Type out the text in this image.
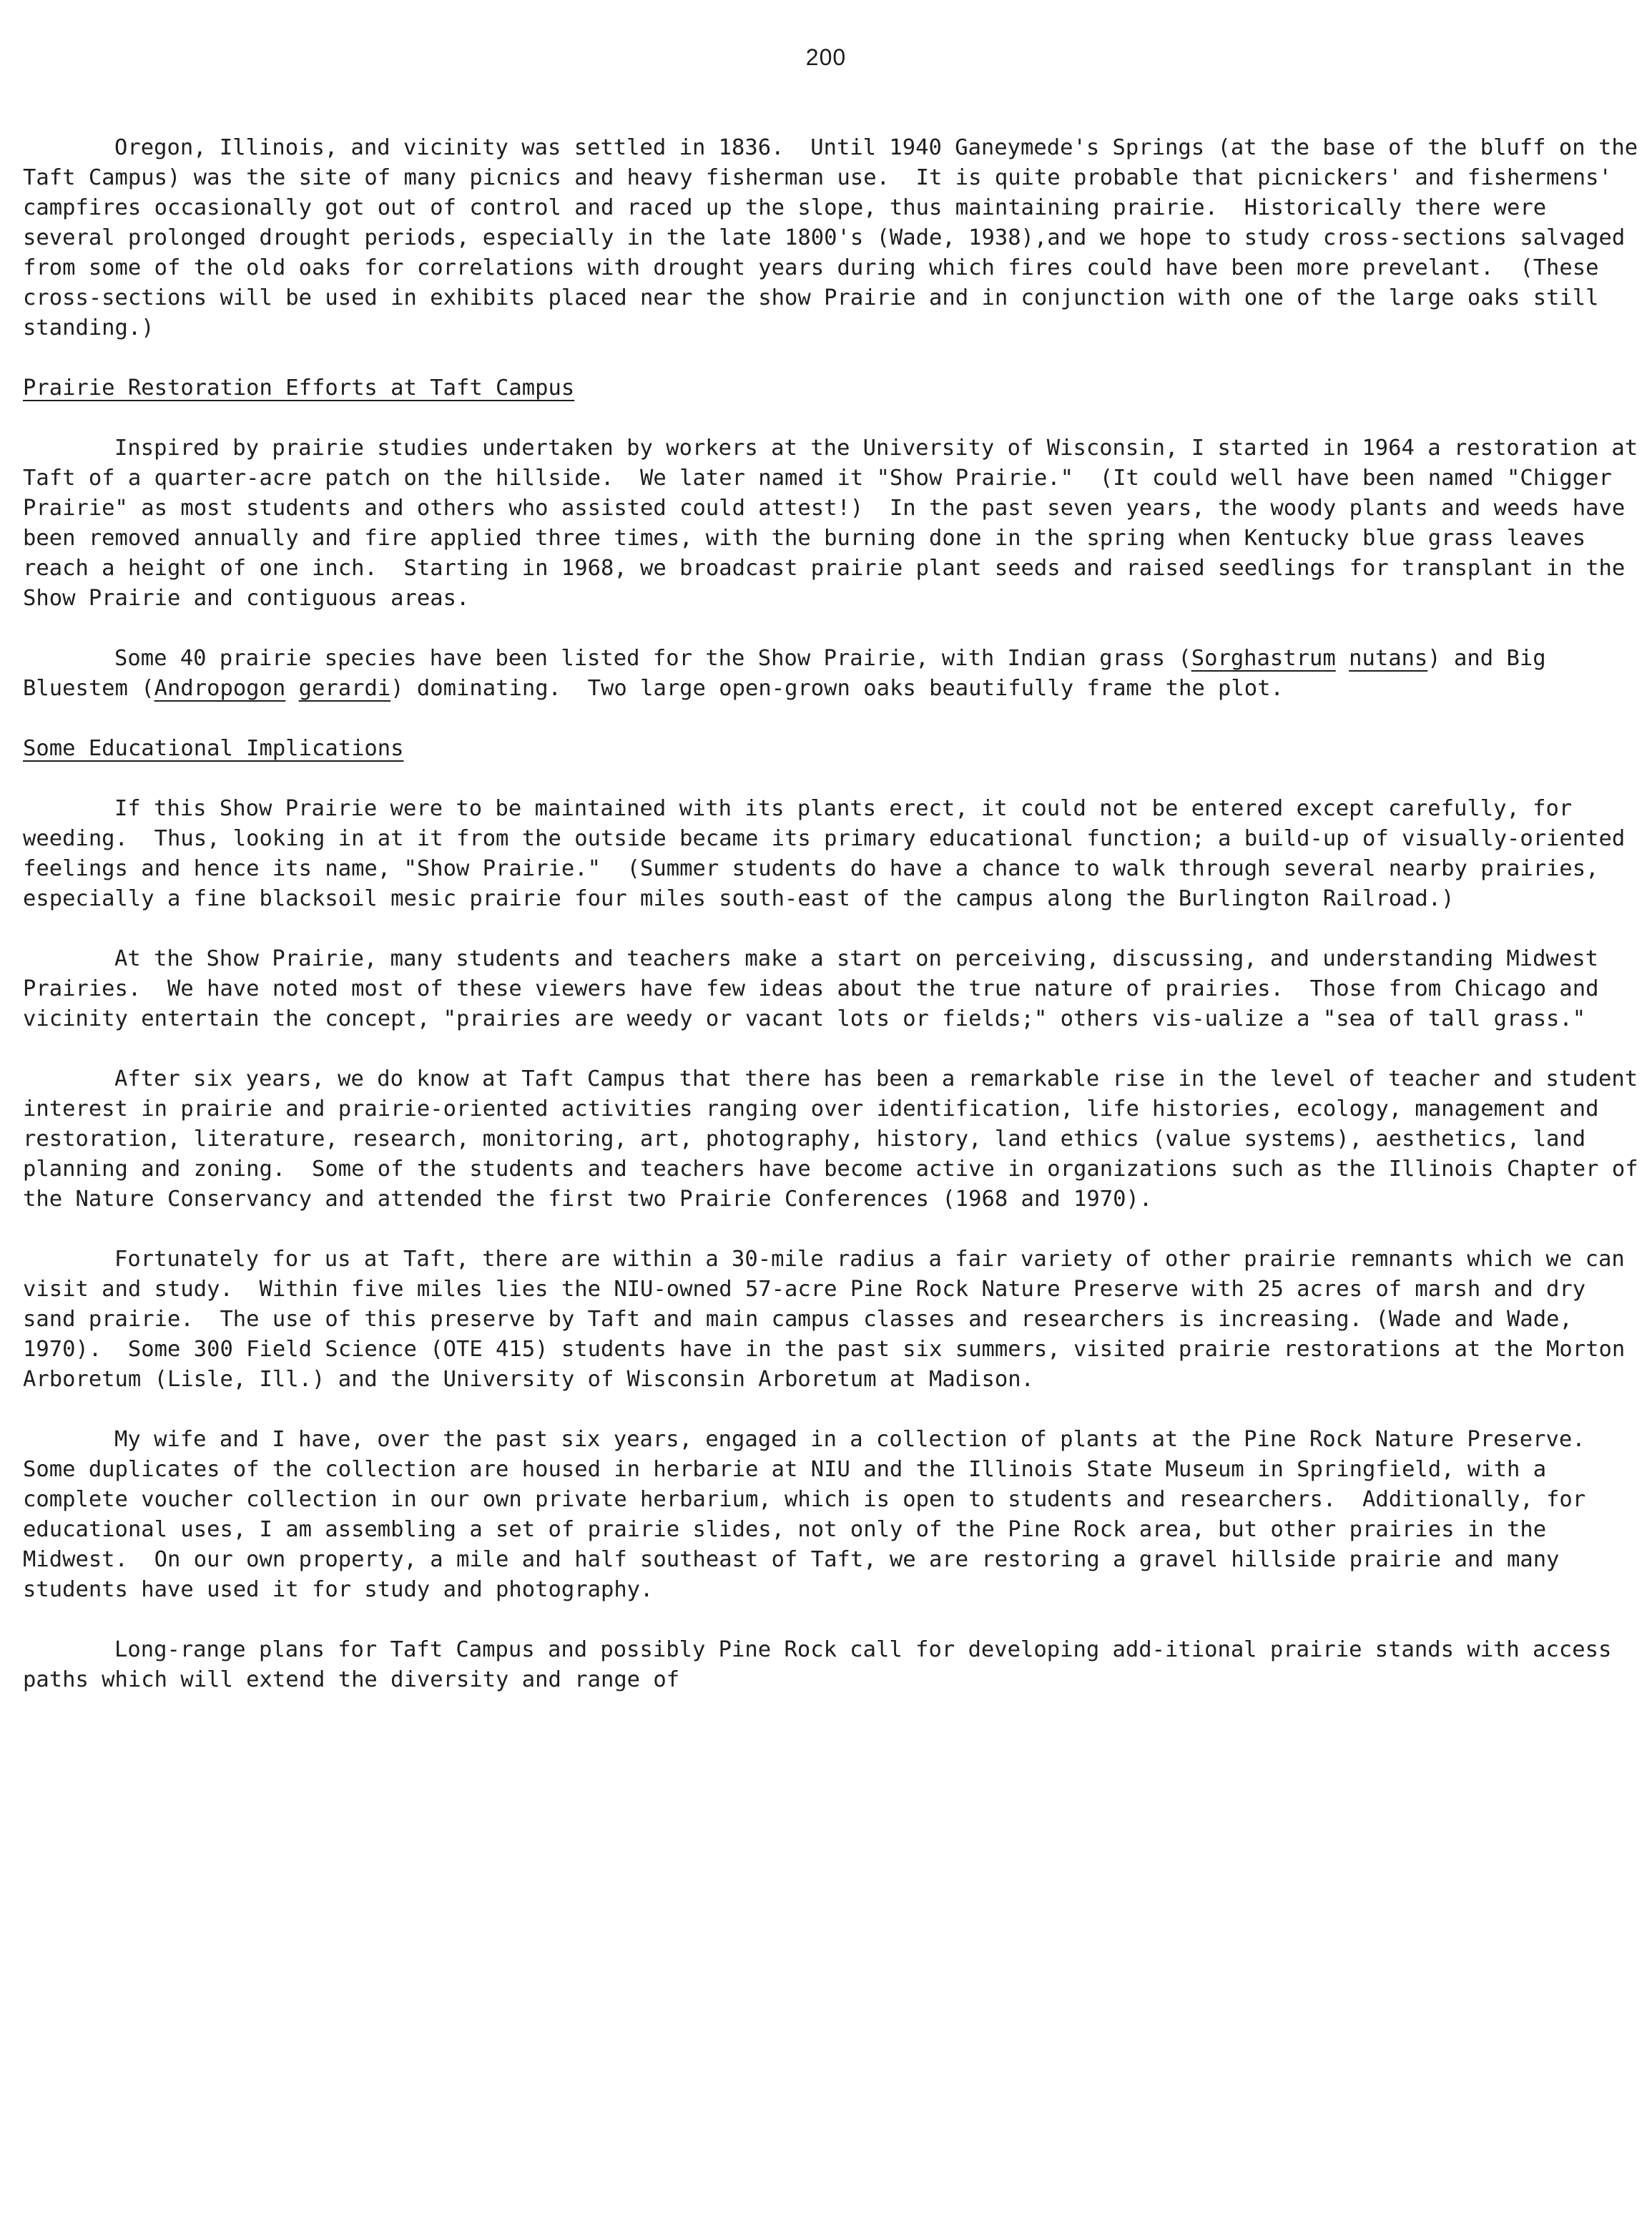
200

Oregon, Illinois, and vicinity was settled in 1836.  Until 1940 Ganeymede's Springs (at the base of the bluff on the Taft Campus) was the site of many picnics and heavy fisherman use.  It is quite probable that picnickers' and fishermens' campfires occasionally got out of control and raced up the slope, thus maintaining prairie.  Historically there were several prolonged drought periods, especially in the late 1800's (Wade, 1938),and we hope to study cross-sections salvaged from some of the old oaks for correlations with drought years during which fires could have been more prevelant.  (These cross-sections will be used in exhibits placed near the show Prairie and in conjunction with one of the large oaks still standing.)

Prairie Restoration Efforts at Taft Campus

Inspired by prairie studies undertaken by workers at the University of Wisconsin, I started in 1964 a restoration at Taft of a quarter-acre patch on the hillside.  We later named it "Show Prairie."  (It could well have been named "Chigger Prairie" as most students and others who assisted could attest!)  In the past seven years, the woody plants and weeds have been removed annually and fire applied three times, with the burning done in the spring when Kentucky blue grass leaves reach a height of one inch.  Starting in 1968, we broadcast prairie plant seeds and raised seedlings for transplant in the Show Prairie and contiguous areas.

Some 40 prairie species have been listed for the Show Prairie, with Indian grass (Sorghastrum nutans) and Big Bluestem (Andropogon gerardi) dominating.  Two large open-grown oaks beautifully frame the plot.

Some Educational Implications

If this Show Prairie were to be maintained with its plants erect, it could not be entered except carefully, for weeding.  Thus, looking in at it from the outside became its primary educational function; a build-up of visually-oriented feelings and hence its name, "Show Prairie."  (Summer students do have a chance to walk through several nearby prairies, especially a fine blacksoil mesic prairie four miles south-east of the campus along the Burlington Railroad.)

At the Show Prairie, many students and teachers make a start on perceiving, discussing, and understanding Midwest Prairies.  We have noted most of these viewers have few ideas about the true nature of prairies.  Those from Chicago and vicinity entertain the concept, "prairies are weedy or vacant lots or fields;" others vis-ualize a "sea of tall grass."

After six years, we do know at Taft Campus that there has been a remarkable rise in the level of teacher and student interest in prairie and prairie-oriented activities ranging over identification, life histories, ecology, management and restoration, literature, research, monitoring, art, photography, history, land ethics (value systems), aesthetics, land planning and zoning.  Some of the students and teachers have become active in organizations such as the Illinois Chapter of the Nature Conservancy and attended the first two Prairie Conferences (1968 and 1970).

Fortunately for us at Taft, there are within a 30-mile radius a fair variety of other prairie remnants which we can visit and study.  Within five miles lies the NIU-owned 57-acre Pine Rock Nature Preserve with 25 acres of marsh and dry sand prairie.  The use of this preserve by Taft and main campus classes and researchers is increasing. (Wade and Wade, 1970).  Some 300 Field Science (OTE 415) students have in the past six summers, visited prairie restorations at the Morton Arboretum (Lisle, Ill.) and the University of Wisconsin Arboretum at Madison.

My wife and I have, over the past six years, engaged in a collection of plants at the Pine Rock Nature Preserve.  Some duplicates of the collection are housed in herbarie at NIU and the Illinois State Museum in Springfield, with a complete voucher collection in our own private herbarium, which is open to students and researchers.  Additionally, for educational uses, I am assembling a set of prairie slides, not only of the Pine Rock area, but other prairies in the Midwest.  On our own property, a mile and half southeast of Taft, we are restoring a gravel hillside prairie and many students have used it for study and photography.

Long-range plans for Taft Campus and possibly Pine Rock call for developing add-itional prairie stands with access paths which will extend the diversity and range of
